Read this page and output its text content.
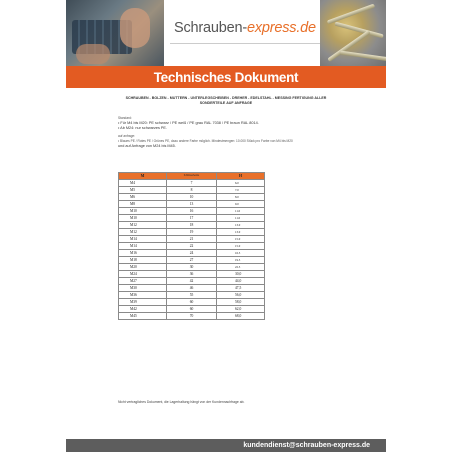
Schrauben-express.de
Technisches Dokument
SCHRAUBEN - BOLZEN - MUTTERN - UNTERLEGSCHEIBEN - DREHER - EDELSTAHL - MESSING FERTIGUNG ALLER
SONDERTEILE AUF ANFRAGE
Standard:
• Für M4 bis M20: PE schwarz / PE weiß / PE grau RAL 7038 / PE braun RAL 8014.
• Ab M24: nur schwarzes PE.
auf anfrage:
• Blaues PE / Rotes PE / Grünes PE, dazu andere Farbe möglich. Mindestmengen: 10.000 Stück pro Farbe von M4 bis M20
und auf Anfrage von M24 bis M45.
M	Schlüsselweite	H
M4	7	6.0
M5	8	7.0
M6	10	8.0
M8	13	9.0
M10	16	11.0
M10	17	11.0
M12	18	13.0
M12	19	13.0
M14	21	15.0
M14	22	15.0
M16	24	16.5
M18	27	19.5
M20	30	22.5
M24	36	30,0
M27	42	44,0
M30	46	47,5
M36	55	56,0
M39	60	58,0
M42	60	62,0
M45	70	68,0
Nicht vertragliches Dokument, die Lagerhaltung hängt von der Kundennachfrage ab.
kundendienst@schrauben-express.de
